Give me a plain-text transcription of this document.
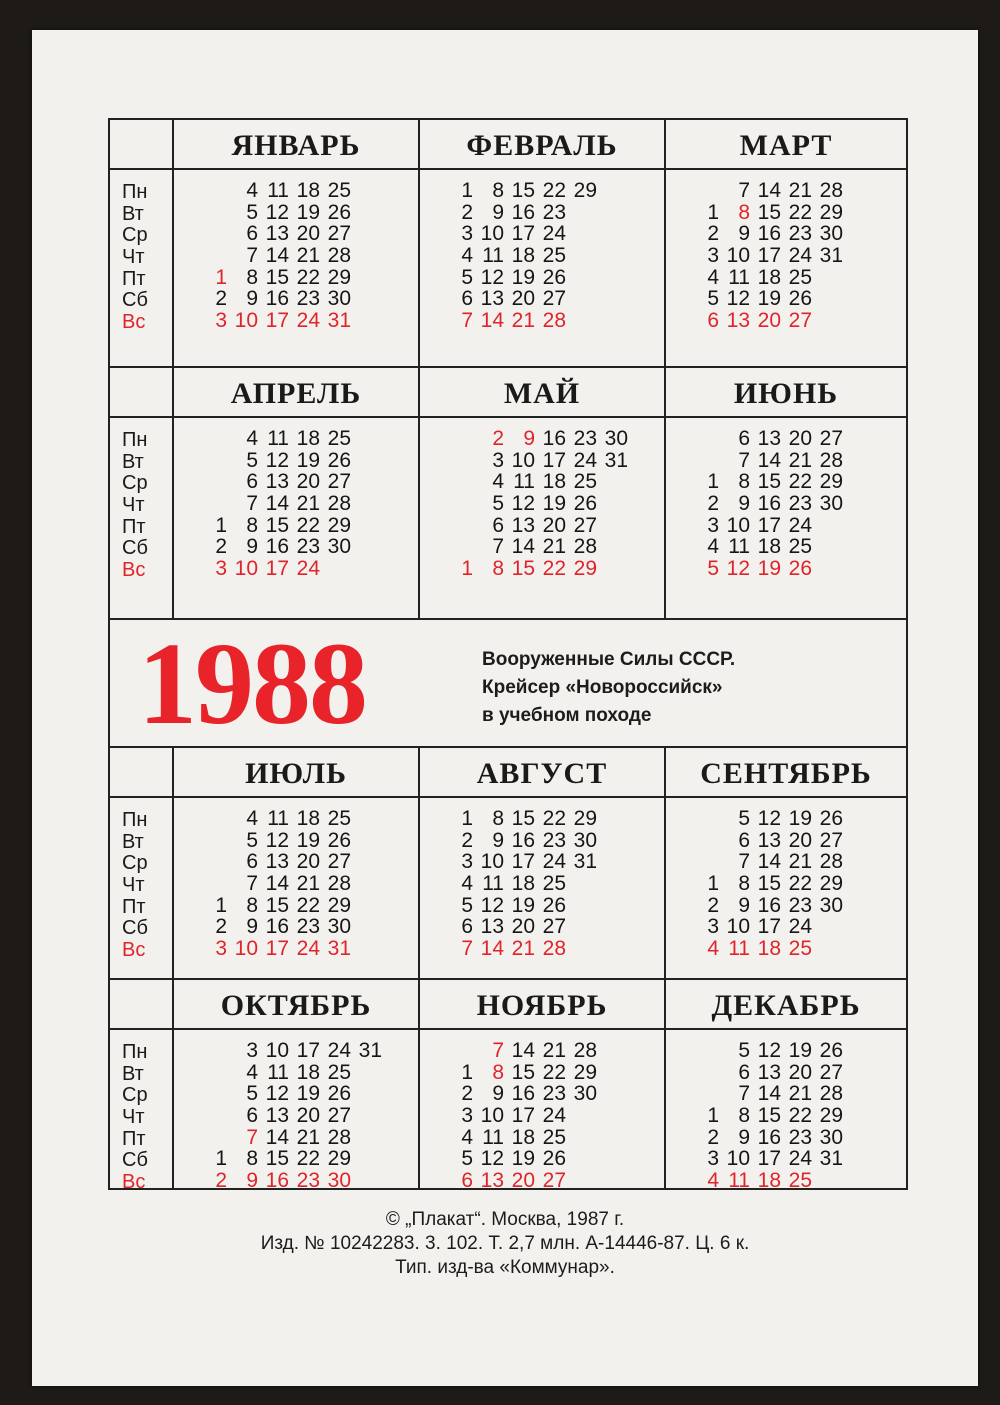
Пн
Вт
Ср
Чт
Пт
Сб
Вс
ЯНВАРЬ
1
2
3
4
5
6
7
8
9
10
11
12
13
14
15
16
17
18
19
20
21
22
23
24
25
26
27
28
29
30
31
ФЕВРАЛЬ
1
2
3
4
5
6
7
8
9
10
11
12
13
14
15
16
17
18
19
20
21
22
23
24
25
26
27
28
29
МАРТ
1
2
3
4
5
6
7
8
9
10
11
12
13
14
15
16
17
18
19
20
21
22
23
24
25
26
27
28
29
30
31
Пн
Вт
Ср
Чт
Пт
Сб
Вс
АПРЕЛЬ
1
2
3
4
5
6
7
8
9
10
11
12
13
14
15
16
17
18
19
20
21
22
23
24
25
26
27
28
29
30
МАЙ
1
2
3
4
5
6
7
8
9
10
11
12
13
14
15
16
17
18
19
20
21
22
23
24
25
26
27
28
29
30
31
ИЮНЬ
1
2
3
4
5
6
7
8
9
10
11
12
13
14
15
16
17
18
19
20
21
22
23
24
25
26
27
28
29
30
1988	Вооруженные Силы СССР.
Крейсер «Новороссийск»
в учебном походе
Пн
Вт
Ср
Чт
Пт
Сб
Вс
ИЮЛЬ
1
2
3
4
5
6
7
8
9
10
11
12
13
14
15
16
17
18
19
20
21
22
23
24
25
26
27
28
29
30
31
АВГУСТ
1
2
3
4
5
6
7
8
9
10
11
12
13
14
15
16
17
18
19
20
21
22
23
24
25
26
27
28
29
30
31
СЕНТЯБРЬ
1
2
3
4
5
6
7
8
9
10
11
12
13
14
15
16
17
18
19
20
21
22
23
24
25
26
27
28
29
30
Пн
Вт
Ср
Чт
Пт
Сб
Вс
ОКТЯБРЬ
1
2
3
4
5
6
7
8
9
10
11
12
13
14
15
16
17
18
19
20
21
22
23
24
25
26
27
28
29
30
31
НОЯБРЬ
1
2
3
4
5
6
7
8
9
10
11
12
13
14
15
16
17
18
19
20
21
22
23
24
25
26
27
28
29
30
ДЕКАБРЬ
1
2
3
4
5
6
7
8
9
10
11
12
13
14
15
16
17
18
19
20
21
22
23
24
25
26
27
28
29
30
31
© „Плакат“. Москва, 1987 г.
Изд. № 10242283. 3. 102. Т. 2,7 млн. А-14446-87. Ц. 6 к.
Тип. изд-ва «Коммунар».
